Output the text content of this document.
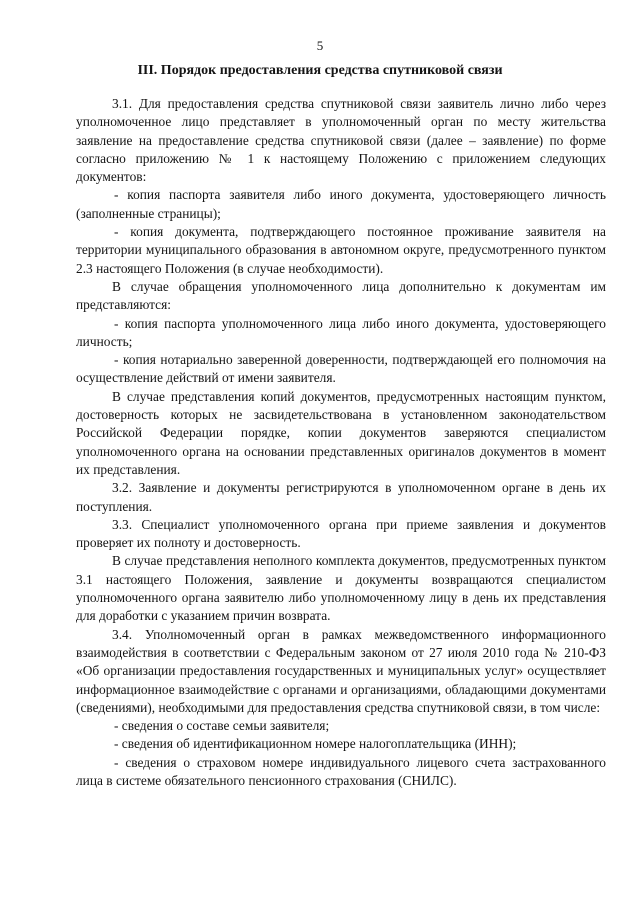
5
III. Порядок предоставления средства спутниковой связи

3.1. Для предоставления средства спутниковой связи заявитель лично либо через уполномоченное лицо представляет в уполномоченный орган по месту жительства заявление на предоставление средства спутниковой связи (далее – заявление) по форме согласно приложению № 1 к настоящему Положению с приложением следующих документов:

- копия паспорта заявителя либо иного документа, удостоверяющего личность (заполненные страницы);

- копия документа, подтверждающего постоянное проживание заявителя на территории муниципального образования в автономном округе, предусмотренного пунктом 2.3 настоящего Положения (в случае необходимости).

В случае обращения уполномоченного лица дополнительно к документам им представляются:

- копия паспорта уполномоченного лица либо иного документа, удостоверяющего личность;

- копия нотариально заверенной доверенности, подтверждающей его полномочия на осуществление действий от имени заявителя.

В случае представления копий документов, предусмотренных настоящим пунктом, достоверность которых не засвидетельствована в установленном законодательством Российской Федерации порядке, копии документов заверяются специалистом уполномоченного органа на основании представленных оригиналов документов в момент их представления.

3.2. Заявление и документы регистрируются в уполномоченном органе в день их поступления.

3.3. Специалист уполномоченного органа при приеме заявления и документов проверяет их полноту и достоверность.

В случае представления неполного комплекта документов, предусмотренных пунктом 3.1 настоящего Положения, заявление и документы возвращаются специалистом уполномоченного органа заявителю либо уполномоченному лицу в день их представления для доработки с указанием причин возврата.

3.4. Уполномоченный орган в рамках межведомственного информационного взаимодействия в соответствии с Федеральным законом от 27 июля 2010 года № 210-ФЗ «Об организации предоставления государственных и муниципальных услуг» осуществляет информационное взаимодействие с органами и организациями, обладающими документами (сведениями), необходимыми для предоставления средства спутниковой связи, в том числе:

- сведения о составе семьи заявителя;

- сведения об идентификационном номере налогоплательщика (ИНН);

- сведения о страховом номере индивидуального лицевого счета застрахованного лица в системе обязательного пенсионного страхования (СНИЛС).
